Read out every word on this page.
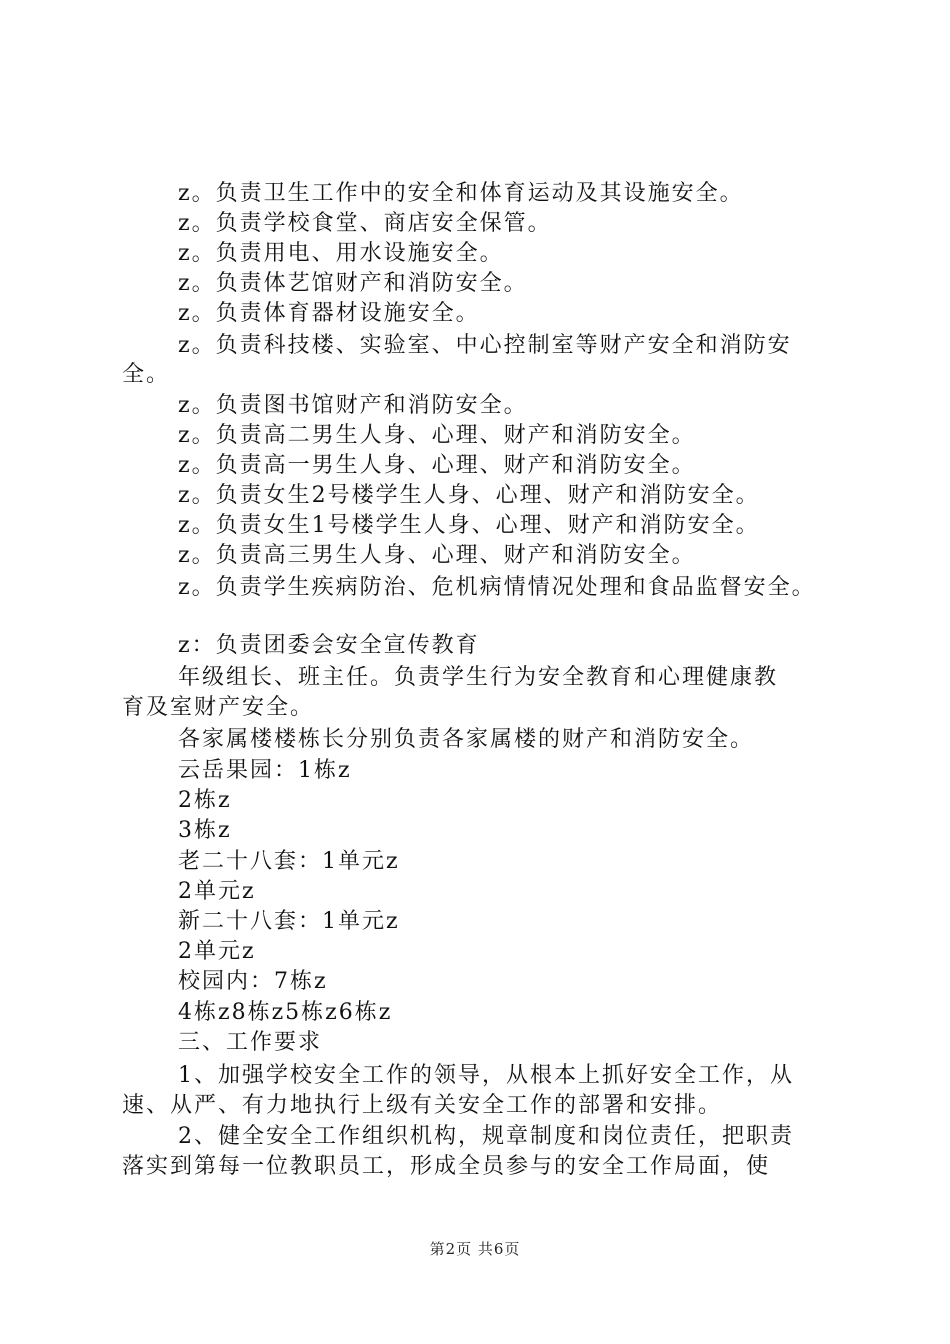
z。负责卫生工作中的安全和体育运动及其设施安全。
z。负责学校食堂、商店安全保管。
z。负责用电、用水设施安全。
z。负责体艺馆财产和消防安全。
z。负责体育器材设施安全。
z。负责科技楼、实验室、中心控制室等财产安全和消防安
全。
z。负责图书馆财产和消防安全。
z。负责高二男生人身、心理、财产和消防安全。
z。负责高一男生人身、心理、财产和消防安全。
z。负责女生2号楼学生人身、心理、财产和消防安全。
z。负责女生1号楼学生人身、心理、财产和消防安全。
z。负责高三男生人身、心理、财产和消防安全。
z。负责学生疾病防治、危机病情情况处理和食品监督安全。
z：负责团委会安全宣传教育
年级组长、班主任。负责学生行为安全教育和心理健康教
育及室财产安全。
各家属楼楼栋长分别负责各家属楼的财产和消防安全。
云岳果园：1栋z
2栋z
3栋z
老二十八套：1单元z
2单元z
新二十八套：1单元z
2单元z
校园内：7栋z
4栋z8栋z5栋z6栋z
三、工作要求
1、加强学校安全工作的领导，从根本上抓好安全工作，从
速、从严、有力地执行上级有关安全工作的部署和安排。
2、健全安全工作组织机构，规章制度和岗位责任，把职责
落实到第每一位教职员工，形成全员参与的安全工作局面，使
第2页 共6页
